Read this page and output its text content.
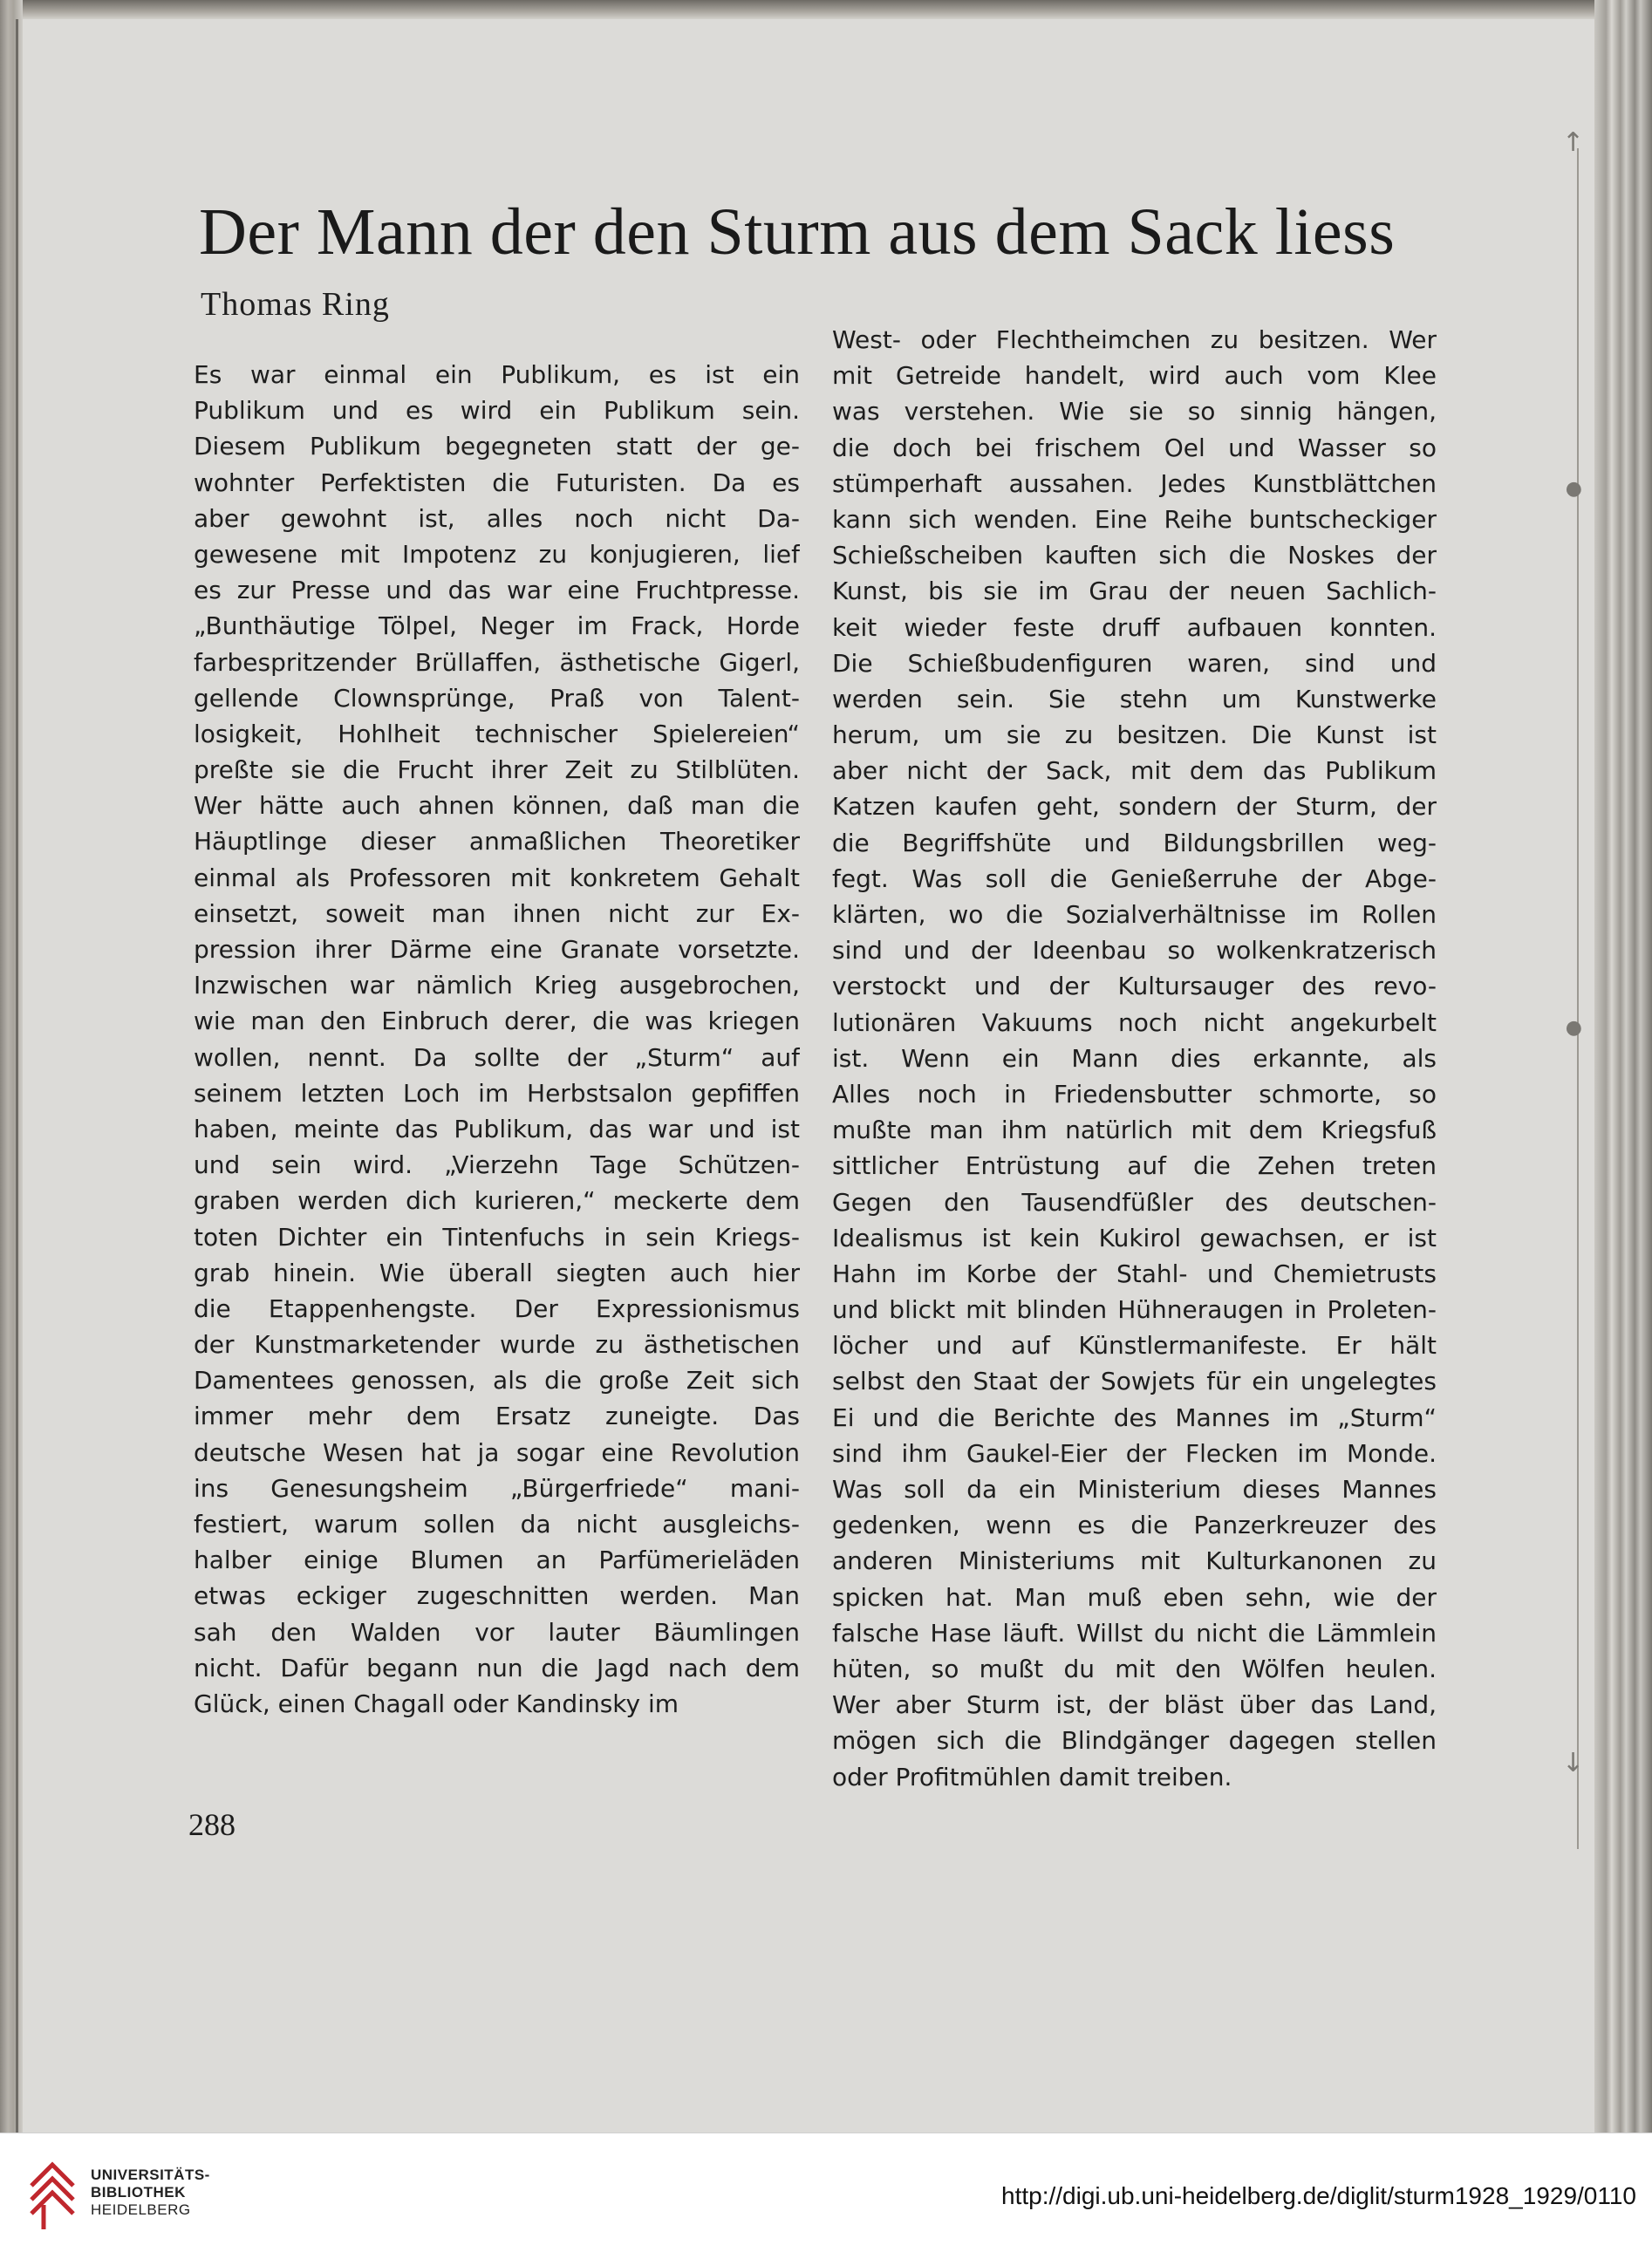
↑
●
●
↓
Der Mann der den Sturm aus dem Sack liess
Thomas Ring
Es war einmal ein Publikum, es ist ein
Publikum und es wird ein Publikum sein.
Diesem Publikum begegneten statt der ge-
wohnter Perfektisten die Futuristen. Da es
aber gewohnt ist, alles noch nicht Da-
gewesene mit Impotenz zu konjugieren, lief
es zur Presse und das war eine Fruchtpresse.
„Bunthäutige Tölpel, Neger im Frack, Horde
farbespritzender Brüllaffen, ästhetische Gigerl,
gellende Clownsprünge, Praß von Talent-
losigkeit, Hohlheit technischer Spielereien“
preßte sie die Frucht ihrer Zeit zu Stilblüten.
Wer hätte auch ahnen können, daß man die
Häuptlinge dieser anmaßlichen Theoretiker
einmal als Professoren mit konkretem Gehalt
einsetzt, soweit man ihnen nicht zur Ex-
pression ihrer Därme eine Granate vorsetzte.
Inzwischen war nämlich Krieg ausgebrochen,
wie man den Einbruch derer, die was kriegen
wollen, nennt. Da sollte der „Sturm“ auf
seinem letzten Loch im Herbstsalon gepfiffen
haben, meinte das Publikum, das war und ist
und sein wird. „Vierzehn Tage Schützen-
graben werden dich kurieren,“ meckerte dem
toten Dichter ein Tintenfuchs in sein Kriegs-
grab hinein. Wie überall siegten auch hier
die Etappenhengste. Der Expressionismus
der Kunstmarketender wurde zu ästhetischen
Damentees genossen, als die große Zeit sich
immer mehr dem Ersatz zuneigte. Das
deutsche Wesen hat ja sogar eine Revolution
ins Genesungsheim „Bürgerfriede“ mani-
festiert, warum sollen da nicht ausgleichs-
halber einige Blumen an Parfümerieläden
etwas eckiger zugeschnitten werden. Man
sah den Walden vor lauter Bäumlingen
nicht. Dafür begann nun die Jagd nach dem
Glück, einen Chagall oder Kandinsky im
West- oder Flechtheimchen zu besitzen. Wer
mit Getreide handelt, wird auch vom Klee
was verstehen. Wie sie so sinnig hängen,
die doch bei frischem Oel und Wasser so
stümperhaft aussahen. Jedes Kunstblättchen
kann sich wenden. Eine Reihe buntscheckiger
Schießscheiben kauften sich die Noskes der
Kunst, bis sie im Grau der neuen Sachlich-
keit wieder feste druff aufbauen konnten.
Die Schießbudenfiguren waren, sind und
werden sein. Sie stehn um Kunstwerke
herum, um sie zu besitzen. Die Kunst ist
aber nicht der Sack, mit dem das Publikum
Katzen kaufen geht, sondern der Sturm, der
die Begriffshüte und Bildungsbrillen weg-
fegt. Was soll die Genießerruhe der Abge-
klärten, wo die Sozialverhältnisse im Rollen
sind und der Ideenbau so wolkenkratzerisch
verstockt und der Kultursauger des revo-
lutionären Vakuums noch nicht angekurbelt
ist. Wenn ein Mann dies erkannte, als
Alles noch in Friedensbutter schmorte, so
mußte man ihm natürlich mit dem Kriegsfuß
sittlicher Entrüstung auf die Zehen treten
Gegen den Tausendfüßler des deutschen-
Idealismus ist kein Kukirol gewachsen, er ist
Hahn im Korbe der Stahl- und Chemietrusts
und blickt mit blinden Hühneraugen in Proleten-
löcher und auf Künstlermanifeste. Er hält
selbst den Staat der Sowjets für ein ungelegtes
Ei und die Berichte des Mannes im „Sturm“
sind ihm Gaukel-Eier der Flecken im Monde.
Was soll da ein Ministerium dieses Mannes
gedenken, wenn es die Panzerkreuzer des
anderen Ministeriums mit Kulturkanonen zu
spicken hat. Man muß eben sehn, wie der
falsche Hase läuft. Willst du nicht die Lämmlein
hüten, so mußt du mit den Wölfen heulen.
Wer aber Sturm ist, der bläst über das Land,
mögen sich die Blindgänger dagegen stellen
oder Profitmühlen damit treiben.
288
UNIVERSITÄTS-
BIBLIOTHEK
HEIDELBERG
http://digi.ub.uni-heidelberg.de/diglit/sturm1928_1929/0110
